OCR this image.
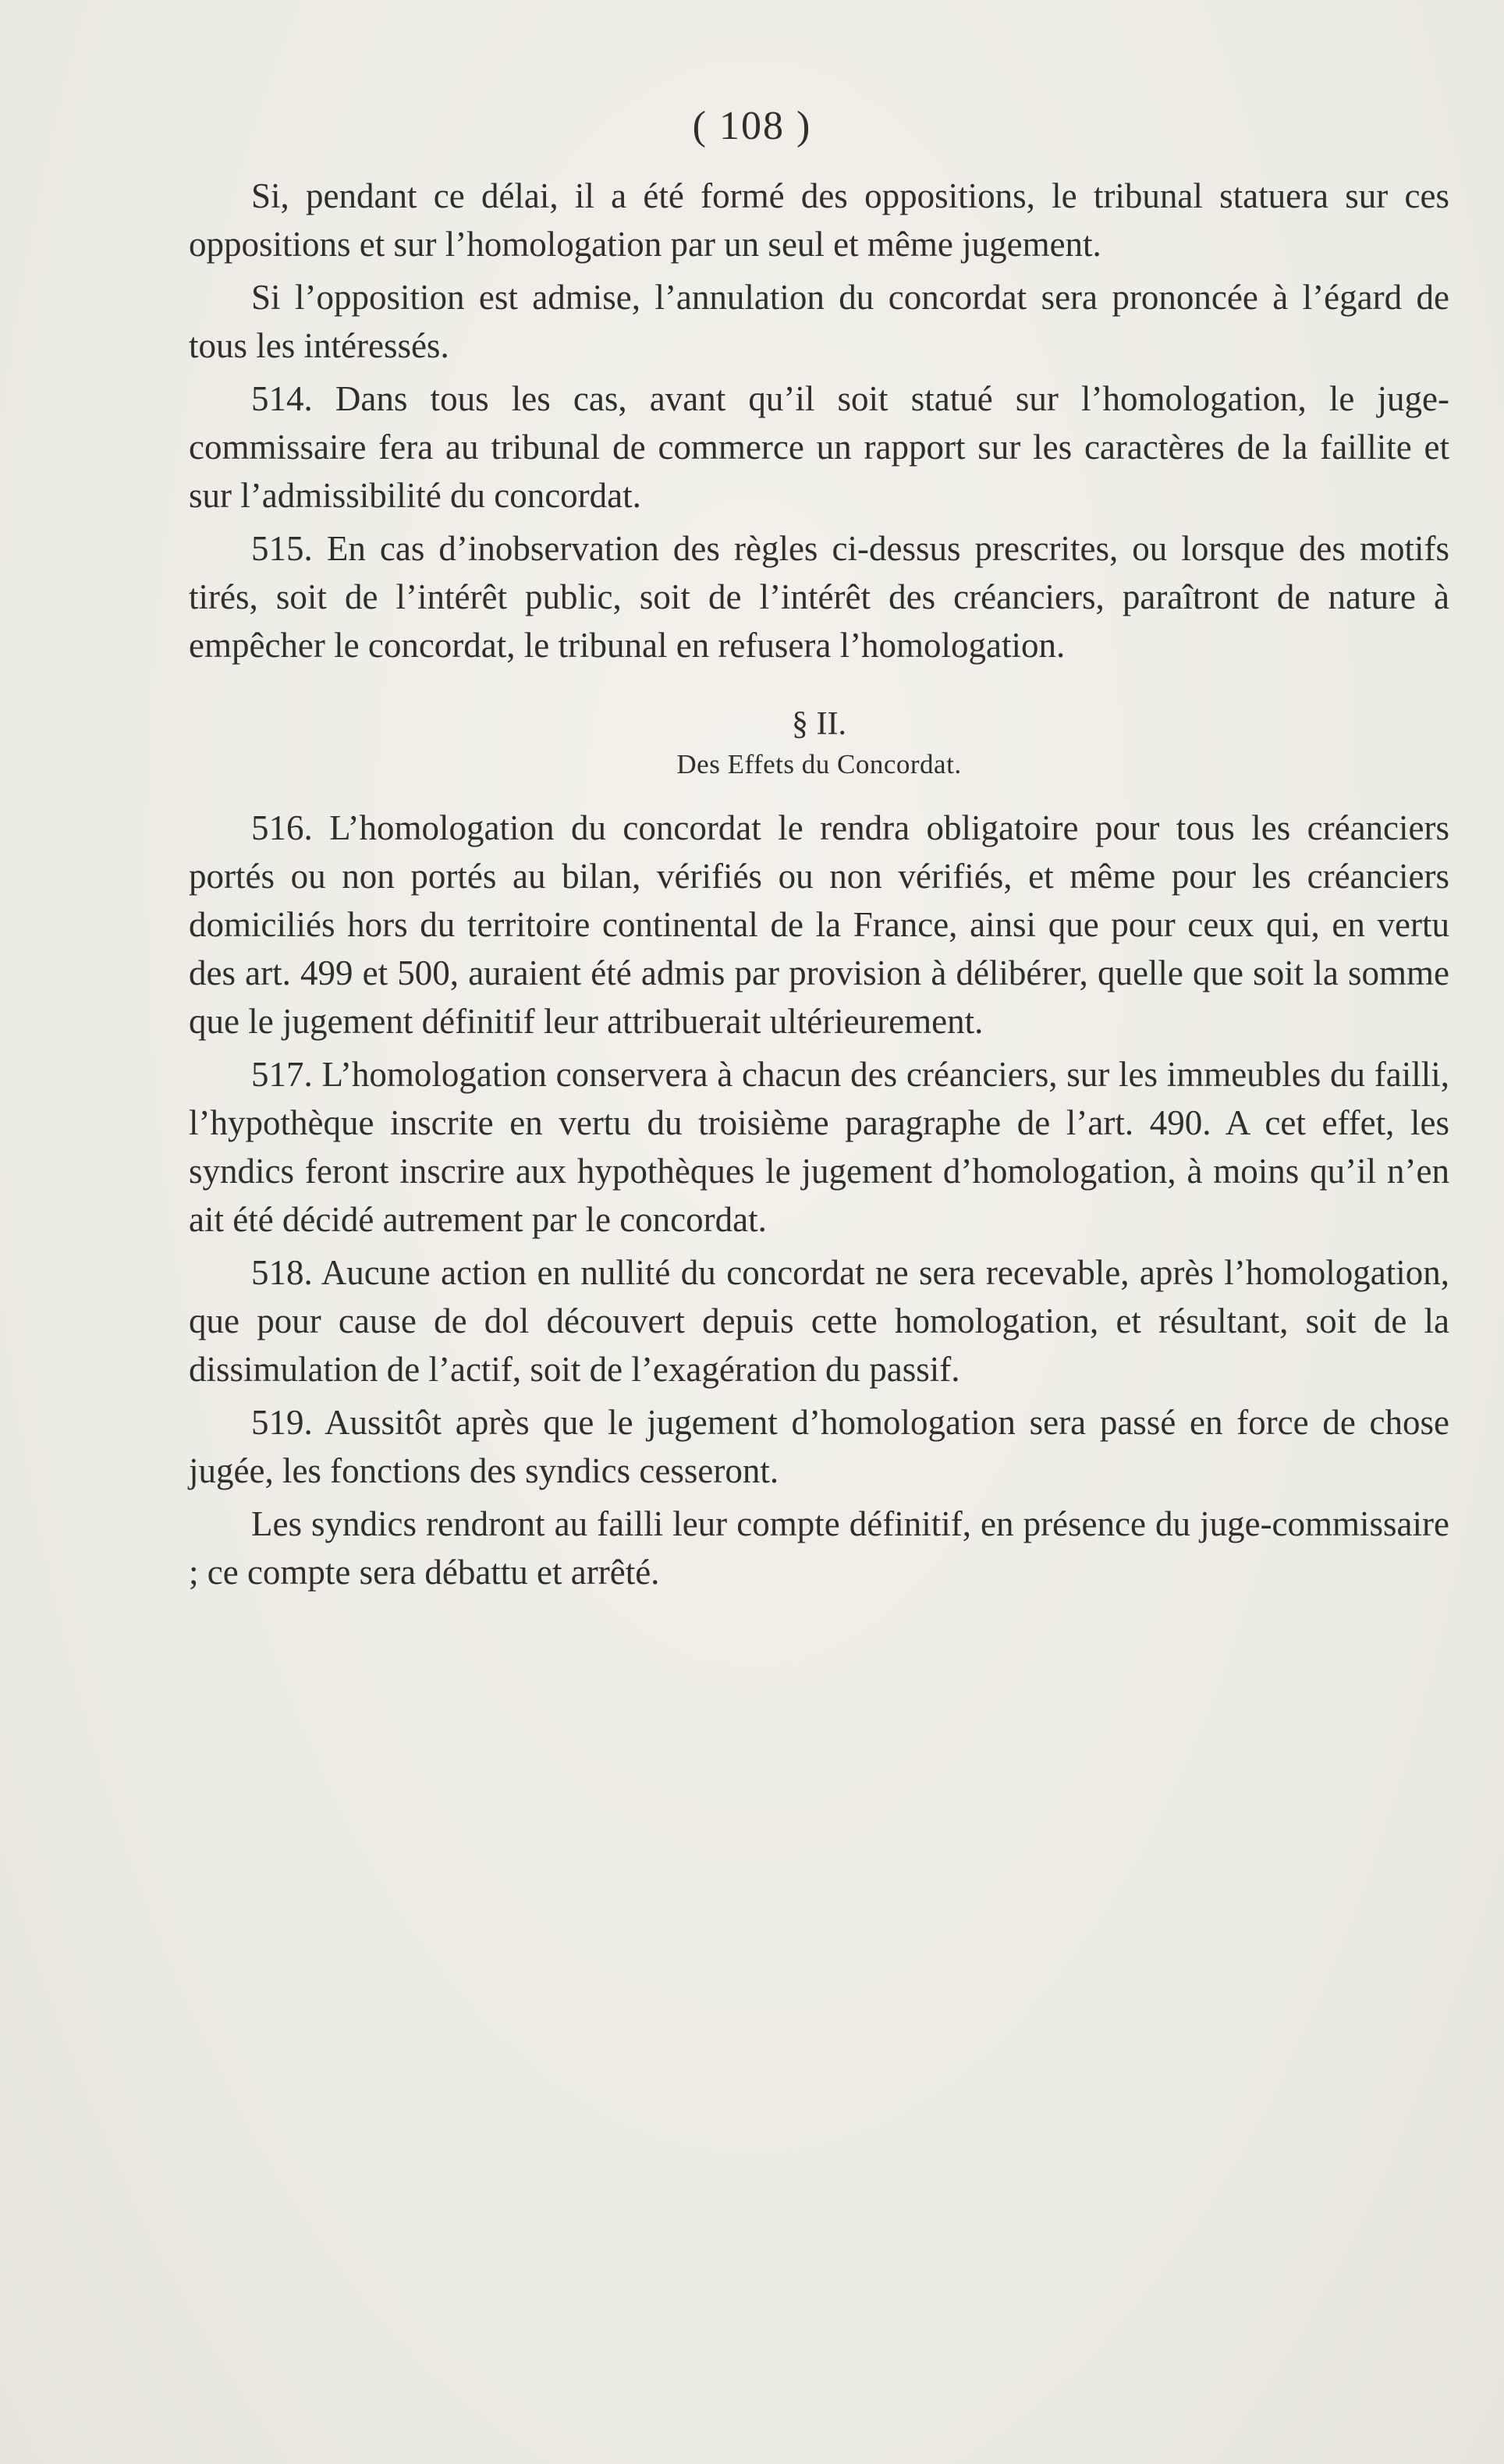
( 108 )

Si, pendant ce délai, il a été formé des oppositions, le tribunal statuera sur ces oppositions et sur l’homologation par un seul et même jugement.

Si l’opposition est admise, l’annulation du concordat sera prononcée à l’égard de tous les intéressés.

514. Dans tous les cas, avant qu’il soit statué sur l’homologation, le juge-commissaire fera au tribunal de commerce un rapport sur les caractères de la faillite et sur l’admissibilité du concordat.

515. En cas d’inobservation des règles ci-dessus prescrites, ou lorsque des motifs tirés, soit de l’intérêt public, soit de l’intérêt des créanciers, paraîtront de nature à empêcher le concordat, le tribunal en refusera l’homologation.

§ II.
Des Effets du Concordat.

516. L’homologation du concordat le rendra obligatoire pour tous les créanciers portés ou non portés au bilan, vérifiés ou non vérifiés, et même pour les créanciers domiciliés hors du territoire continental de la France, ainsi que pour ceux qui, en vertu des art. 499 et 500, auraient été admis par provision à délibérer, quelle que soit la somme que le jugement définitif leur attribuerait ultérieurement.

517. L’homologation conservera à chacun des créanciers, sur les immeubles du failli, l’hypothèque inscrite en vertu du troisième paragraphe de l’art. 490. A cet effet, les syndics feront inscrire aux hypothèques le jugement d’homologation, à moins qu’il n’en ait été décidé autrement par le concordat.

518. Aucune action en nullité du concordat ne sera recevable, après l’homologation, que pour cause de dol découvert depuis cette homologation, et résultant, soit de la dissimulation de l’actif, soit de l’exagération du passif.

519. Aussitôt après que le jugement d’homologation sera passé en force de chose jugée, les fonctions des syndics cesseront.

Les syndics rendront au failli leur compte définitif, en présence du juge-commissaire ; ce compte sera débattu et arrêté.
